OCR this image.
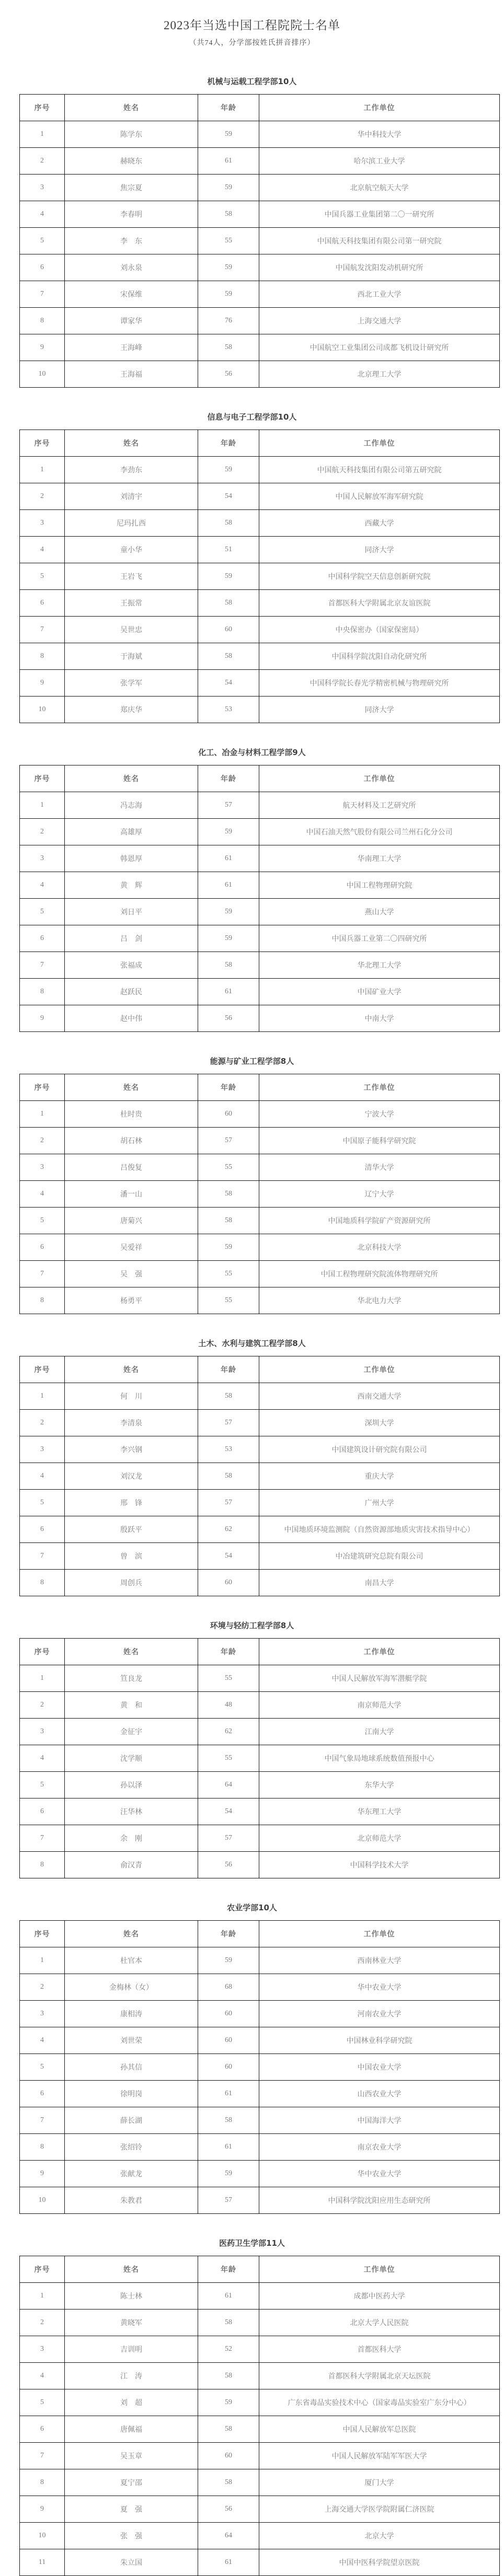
2023年当选中国工程院院士名单

（共74人，分学部按姓氏拼音排序）

机械与运载工程学部10人
序号	姓名	年龄	工作单位
1	陈学东	59	华中科技大学
2	赫晓东	61	哈尔滨工业大学
3	焦宗夏	59	北京航空航天大学
4	李春明	58	中国兵器工业集团第二〇一研究所
5	李　东	55	中国航天科技集团有限公司第一研究院
6	刘永泉	59	中国航发沈阳发动机研究所
7	宋保维	59	西北工业大学
8	谭家华	76	上海交通大学
9	王海峰	58	中国航空工业集团公司成都飞机设计研究所
10	王海福	56	北京理工大学
信息与电子工程学部10人
序号	姓名	年龄	工作单位
1	李劲东	59	中国航天科技集团有限公司第五研究院
2	刘清宇	54	中国人民解放军海军研究院
3	尼玛扎西	58	西藏大学
4	童小华	51	同济大学
5	王岩飞	59	中国科学院空天信息创新研究院
6	王振常	58	首都医科大学附属北京友谊医院
7	吴世忠	60	中央保密办（国家保密局）
8	于海斌	58	中国科学院沈阳自动化研究所
9	张学军	54	中国科学院长春光学精密机械与物理研究所
10	郑庆华	53	同济大学
化工、冶金与材料工程学部9人
序号	姓名	年龄	工作单位
1	冯志海	57	航天材料及工艺研究所
2	高雄厚	59	中国石油天然气股份有限公司兰州石化分公司
3	韩恩厚	61	华南理工大学
4	黄　辉	61	中国工程物理研究院
5	刘日平	59	燕山大学
6	吕　剑	59	中国兵器工业第二〇四研究所
7	张福成	58	华北理工大学
8	赵跃民	61	中国矿业大学
9	赵中伟	56	中南大学
能源与矿业工程学部8人
序号	姓名	年龄	工作单位
1	杜时贵	60	宁波大学
2	胡石林	57	中国原子能科学研究院
3	吕俊复	55	清华大学
4	潘一山	58	辽宁大学
5	唐菊兴	58	中国地质科学院矿产资源研究所
6	吴爱祥	59	北京科技大学
7	吴　强	55	中国工程物理研究院流体物理研究所
8	杨勇平	55	华北电力大学
土木、水利与建筑工程学部8人
序号	姓名	年龄	工作单位
1	何　川	58	西南交通大学
2	李清泉	57	深圳大学
3	李兴钢	53	中国建筑设计研究院有限公司
4	刘汉龙	58	重庆大学
5	邢　锋	57	广州大学
6	殷跃平	62	中国地质环境监测院（自然资源部地质灾害技术指导中心）
7	曾　滨	54	中冶建筑研究总院有限公司
8	周创兵	60	南昌大学
环境与轻纺工程学部8人
序号	姓名	年龄	工作单位
1	笪良龙	55	中国人民解放军海军潜艇学院
2	黄　和	48	南京师范大学
3	金征宇	62	江南大学
4	沈学顺	55	中国气象局地球系统数值预报中心
5	孙以泽	64	东华大学
6	汪华林	54	华东理工大学
7	余　刚	57	北京师范大学
8	俞汉青	56	中国科学技术大学
农业学部10人
序号	姓名	年龄	工作单位
1	杜官本	59	西南林业大学
2	金梅林（女）	68	华中农业大学
3	康相涛	60	河南农业大学
4	刘世荣	60	中国林业科学研究院
5	孙其信	60	中国农业大学
6	徐明岗	61	山西农业大学
7	薛长湖	58	中国海洋大学
8	张绍铃	61	南京农业大学
9	张献龙	59	华中农业大学
10	朱教君	57	中国科学院沈阳应用生态研究所
医药卫生学部11人
序号	姓名	年龄	工作单位
1	陈士林	61	成都中医药大学
2	黄晓军	58	北京大学人民医院
3	吉训明	52	首都医科大学
4	江　涛	58	首都医科大学附属北京天坛医院
5	刘　超	59	广东省毒品实验技术中心（国家毒品实验室广东分中心）
6	唐佩福	58	中国人民解放军总医院
7	吴玉章	60	中国人民解放军陆军军医大学
8	夏宁邵	58	厦门大学
9	夏　强	56	上海交通大学医学院附属仁济医院
10	张　强	64	北京大学
11	朱立国	61	中国中医科学院望京医院
